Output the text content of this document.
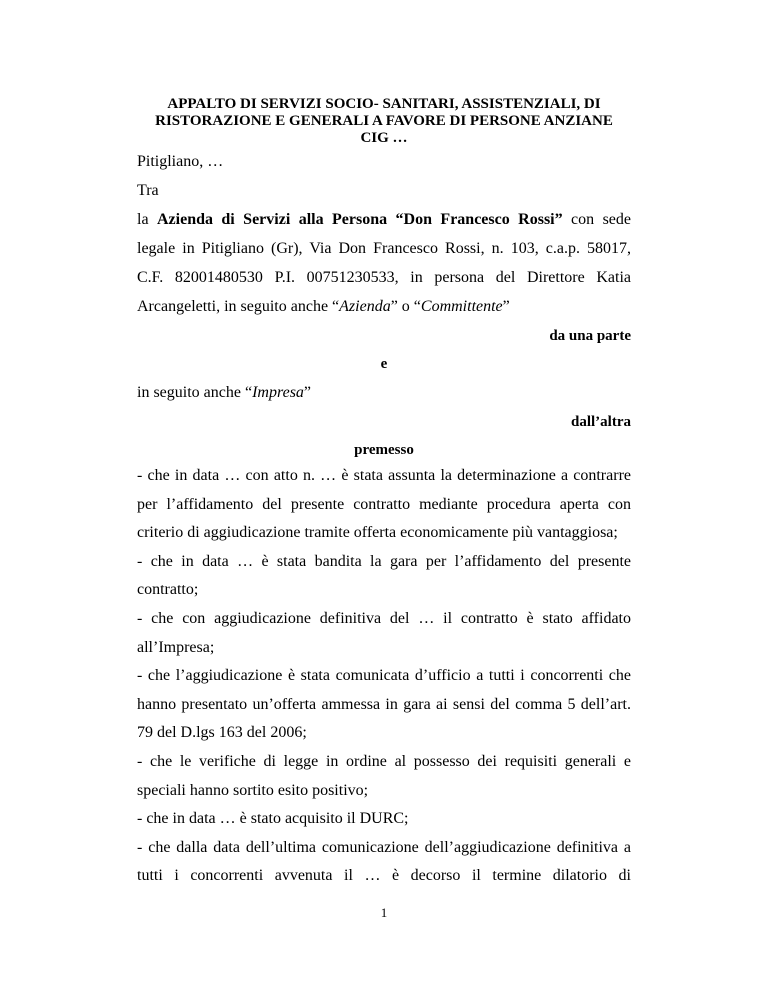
APPALTO DI SERVIZI SOCIO- SANITARI, ASSISTENZIALI, DI
RISTORAZIONE E GENERALI A FAVORE DI PERSONE ANZIANE
CIG …
Pitigliano, …
Tra
la Azienda di Servizi alla Persona “Don Francesco Rossi” con sede
legale in Pitigliano (Gr), Via Don Francesco Rossi, n. 103, c.a.p. 58017,
C.F. 82001480530 P.I. 00751230533, in persona del Direttore Katia
Arcangeletti, in seguito anche “Azienda” o “Committente”
da una parte
e
in seguito anche “Impresa”
dall’altra
premesso
- che in data … con atto n. … è stata assunta la determinazione a contrarre
per l’affidamento del presente contratto mediante procedura aperta con
criterio di aggiudicazione tramite offerta economicamente più vantaggiosa;
- che in data … è stata bandita la gara per l’affidamento del presente
contratto;
- che con aggiudicazione definitiva del … il contratto è stato affidato
all’Impresa;
- che l’aggiudicazione è stata comunicata d’ufficio a tutti i concorrenti che
hanno presentato un’offerta ammessa in gara ai sensi del comma 5 dell’art.
79 del D.lgs 163 del 2006;
- che le verifiche di legge in ordine al possesso dei requisiti generali e
speciali hanno sortito esito positivo;
- che in data … è stato acquisito il DURC;
- che dalla data dell’ultima comunicazione dell’aggiudicazione definitiva a
tutti i concorrenti avvenuta il … è decorso il termine dilatorio di
1
